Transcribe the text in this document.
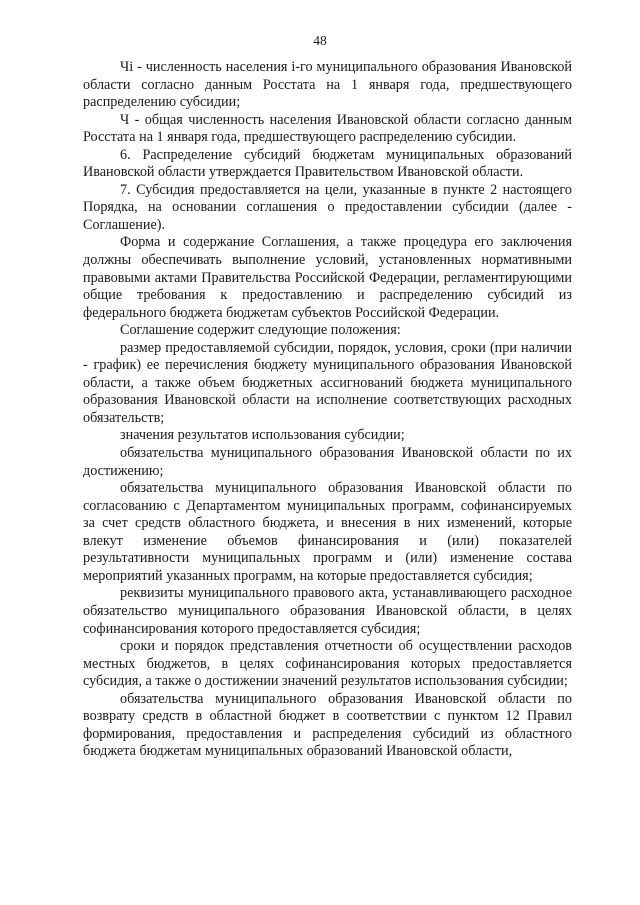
48

Чi - численность населения i-го муниципального образования Ивановской области согласно данным Росстата на 1 января года, предшествующего распределению субсидии;

Ч - общая численность населения Ивановской области согласно данным Росстата на 1 января года, предшествующего распределению субсидии.

6. Распределение субсидий бюджетам муниципальных образований Ивановской области утверждается Правительством Ивановской области.

7. Субсидия предоставляется на цели, указанные в пункте 2 настоящего Порядка, на основании соглашения о предоставлении субсидии (далее - Соглашение).

Форма и содержание Соглашения, а также процедура его заключения должны обеспечивать выполнение условий, установленных нормативными правовыми актами Правительства Российской Федерации, регламентирующими общие требования к предоставлению и распределению субсидий из федерального бюджета бюджетам субъектов Российской Федерации.

Соглашение содержит следующие положения:

размер предоставляемой субсидии, порядок, условия, сроки (при наличии - график) ее перечисления бюджету муниципального образования Ивановской области, а также объем бюджетных ассигнований бюджета муниципального образования Ивановской области на исполнение соответствующих расходных обязательств;

значения результатов использования субсидии;

обязательства муниципального образования Ивановской области по их достижению;

обязательства муниципального образования Ивановской области по согласованию с Департаментом муниципальных программ, софинансируемых за счет средств областного бюджета, и внесения в них изменений, которые влекут изменение объемов финансирования и (или) показателей результативности муниципальных программ и (или) изменение состава мероприятий указанных программ, на которые предоставляется субсидия;

реквизиты муниципального правового акта, устанавливающего расходное обязательство муниципального образования Ивановской области, в целях софинансирования которого предоставляется субсидия;

сроки и порядок представления отчетности об осуществлении расходов местных бюджетов, в целях софинансирования которых предоставляется субсидия, а также о достижении значений результатов использования субсидии;

обязательства муниципального образования Ивановской области по возврату средств в областной бюджет в соответствии с пунктом 12 Правил формирования, предоставления и распределения субсидий из областного бюджета бюджетам муниципальных образований Ивановской области,
